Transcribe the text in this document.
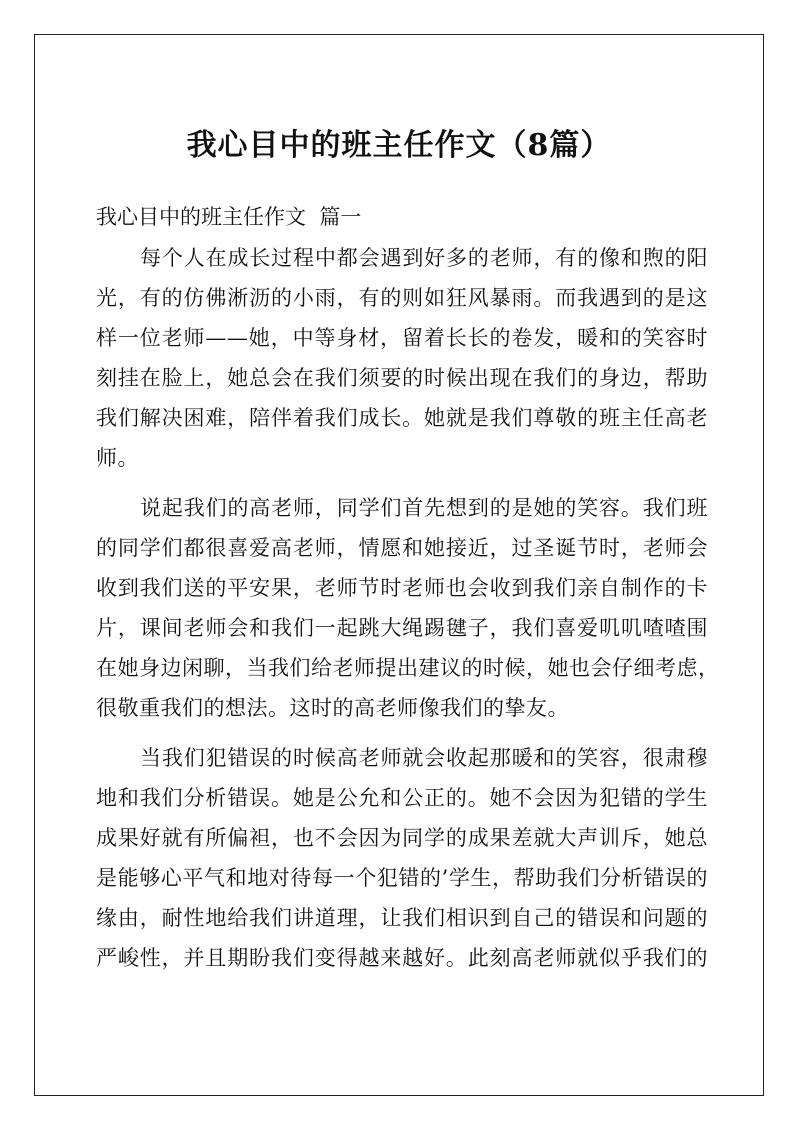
我心目中的班主任作文（8篇）
我心目中的班主任作文  篇一
每个人在成长过程中都会遇到好多的老师，有的像和煦的阳
光，有的仿佛淅沥的小雨，有的则如狂风暴雨。而我遇到的是这
样一位老师——她，中等身材，留着长长的卷发，暖和的笑容时
刻挂在脸上，她总会在我们须要的时候出现在我们的身边，帮助
我们解决困难，陪伴着我们成长。她就是我们尊敬的班主任高老
师。
说起我们的高老师，同学们首先想到的是她的笑容。我们班
的同学们都很喜爱高老师，情愿和她接近，过圣诞节时，老师会
收到我们送的平安果，老师节时老师也会收到我们亲自制作的卡
片，课间老师会和我们一起跳大绳踢毽子，我们喜爱叽叽喳喳围
在她身边闲聊，当我们给老师提出建议的时候，她也会仔细考虑，
很敬重我们的想法。这时的高老师像我们的挚友。
当我们犯错误的时候高老师就会收起那暖和的笑容，很肃穆
地和我们分析错误。她是公允和公正的。她不会因为犯错的学生
成果好就有所偏袒，也不会因为同学的成果差就大声训斥，她总
是能够心平气和地对待每一个犯错的’学生，帮助我们分析错误的
缘由，耐性地给我们讲道理，让我们相识到自己的错误和问题的
严峻性，并且期盼我们变得越来越好。此刻高老师就似乎我们的
